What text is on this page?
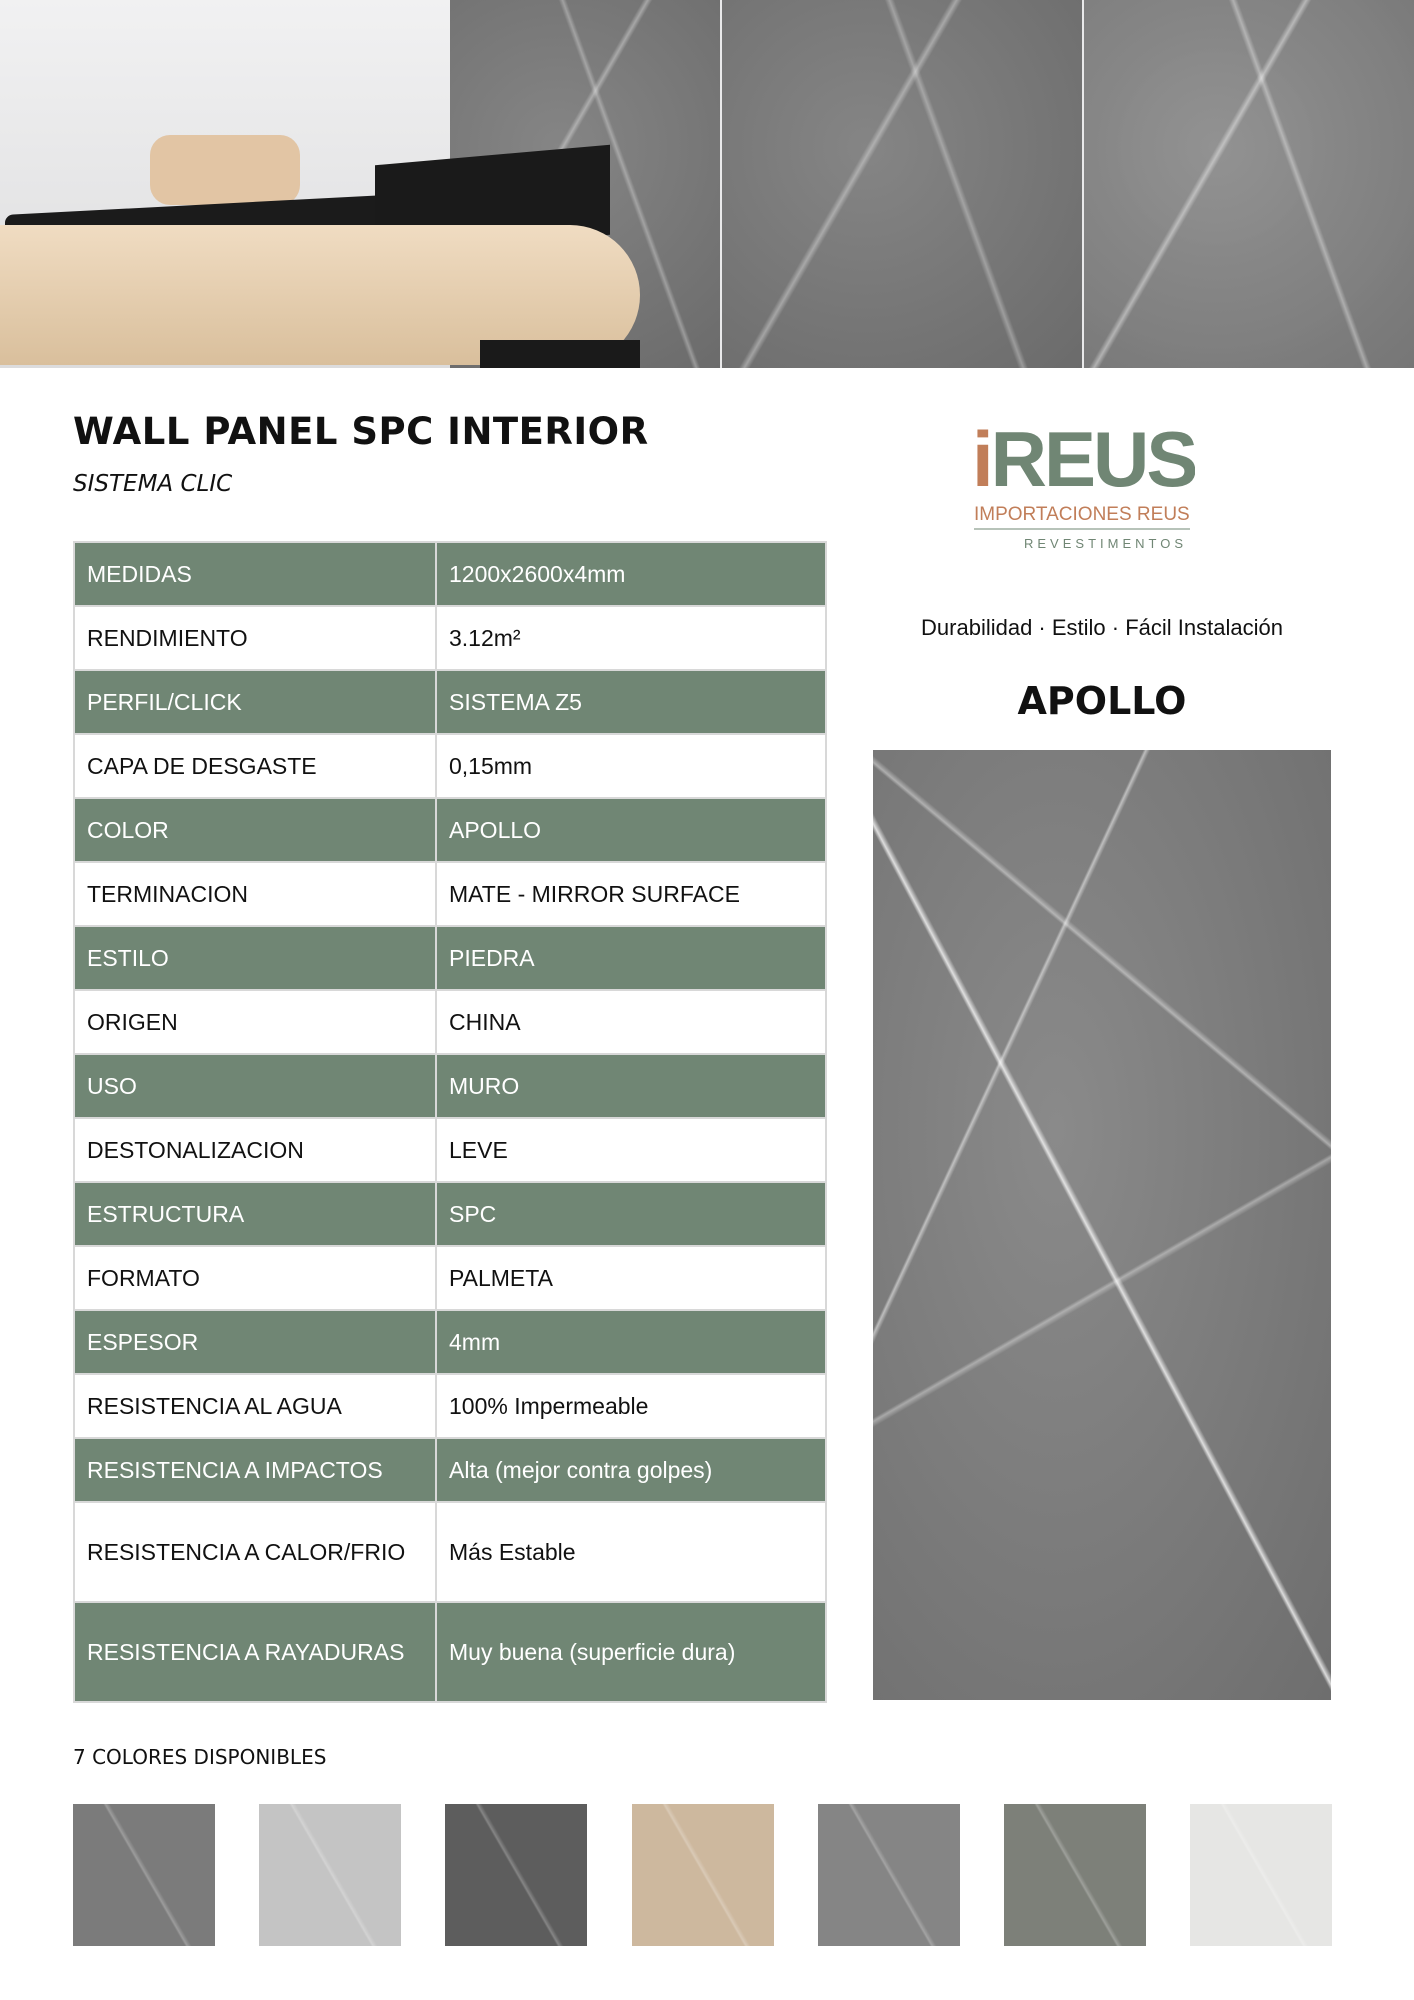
WALL PANEL SPC INTERIOR
SISTEMA CLIC
MEDIDAS	1200x2600x4mm
RENDIMIENTO	3.12m²
PERFIL/CLICK	SISTEMA Z5
CAPA DE DESGASTE	0,15mm
COLOR	APOLLO
TERMINACION	MATE - MIRROR SURFACE
ESTILO	PIEDRA
ORIGEN	CHINA
USO	MURO
DESTONALIZACION	LEVE
ESTRUCTURA	SPC
FORMATO	PALMETA
ESPESOR	4mm
RESISTENCIA AL AGUA	100% Impermeable
RESISTENCIA A IMPACTOS	Alta (mejor contra golpes)
RESISTENCIA A CALOR/FRIO	Más Estable
RESISTENCIA A RAYADURAS	Muy buena (superficie dura)
iREUS
IMPORTACIONES REUS
REVESTIMENTOS
Durabilidad · Estilo · Fácil Instalación
APOLLO
7 COLORES DISPONIBLES
